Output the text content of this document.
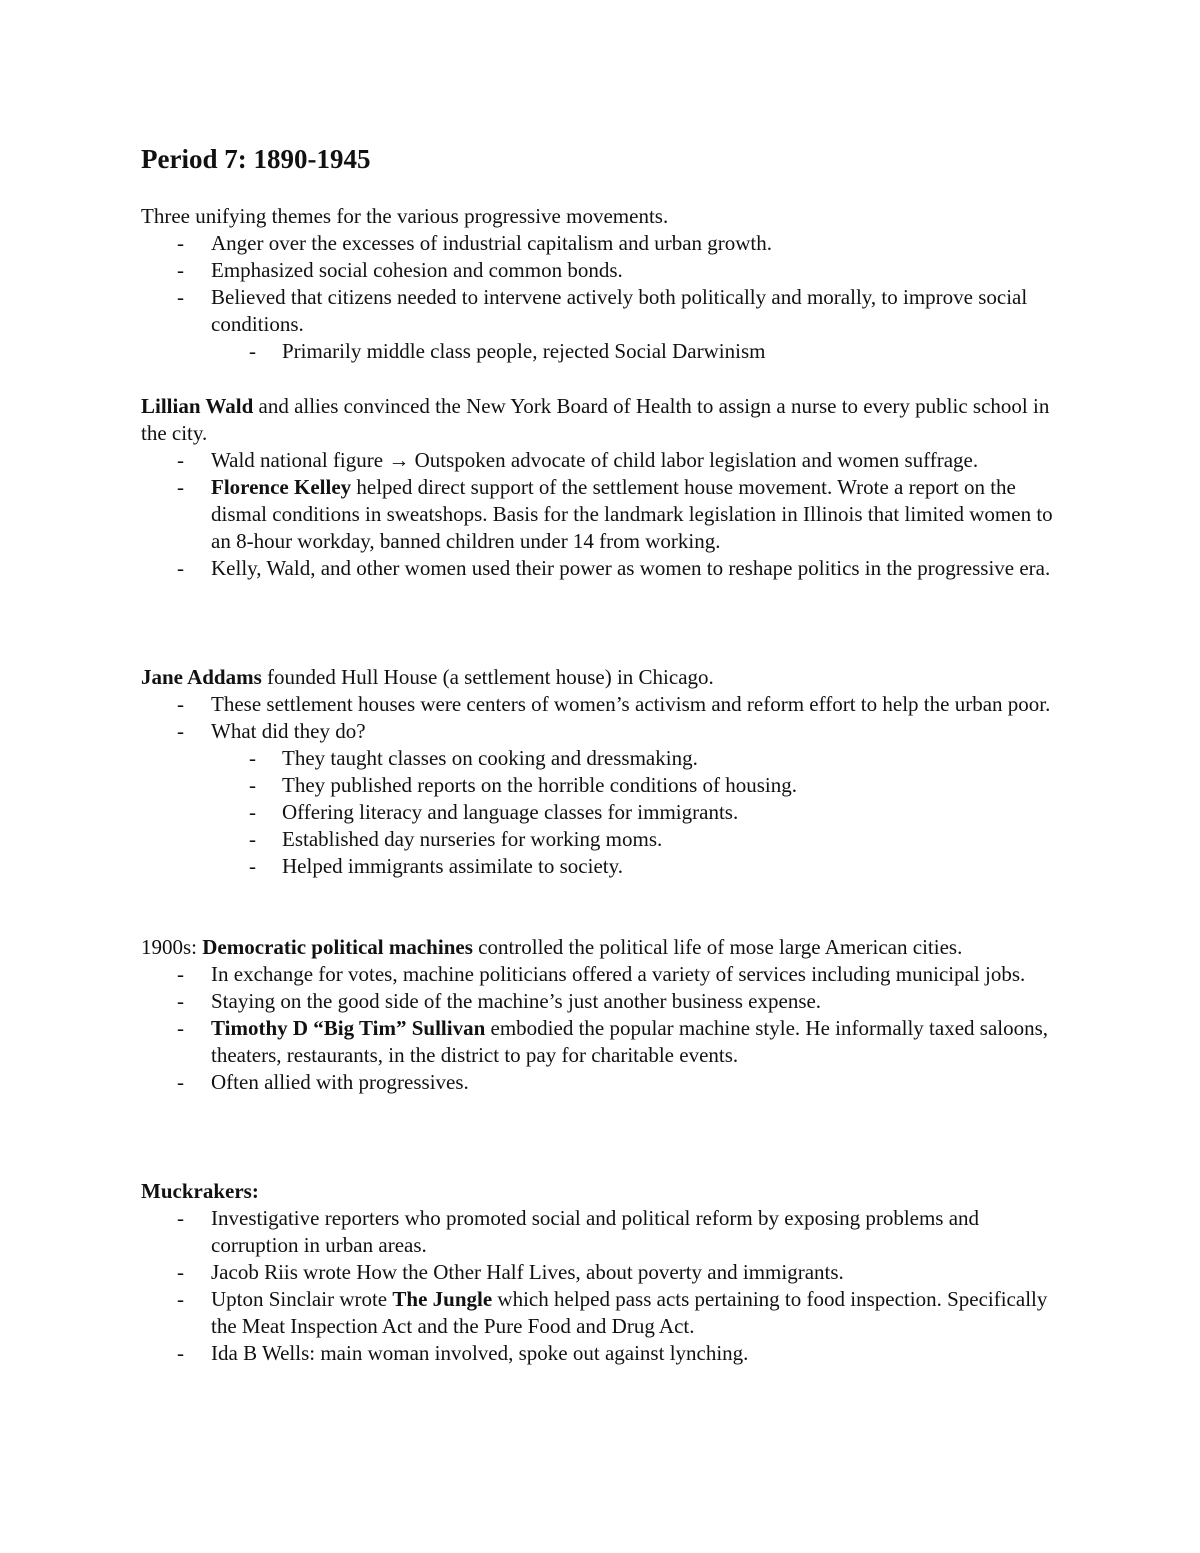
Period 7: 1890-1945

Three unifying themes for the various progressive movements.

- Anger over the excesses of industrial capitalism and urban growth.
- Emphasized social cohesion and common bonds.
- Believed that citizens needed to intervene actively both politically and morally, to improve social conditions.
- Primarily middle class people, rejected Social Darwinism

Lillian Wald and allies convinced the New York Board of Health to assign a nurse to every public school in the city.

- Wald national figure → Outspoken advocate of child labor legislation and women suffrage.
- Florence Kelley helped direct support of the settlement house movement. Wrote a report on the dismal conditions in sweatshops. Basis for the landmark legislation in Illinois that limited women to an 8-hour workday, banned children under 14 from working.
- Kelly, Wald, and other women used their power as women to reshape politics in the progressive era.

Jane Addams founded Hull House (a settlement house) in Chicago.

- These settlement houses were centers of women’s activism and reform effort to help the urban poor.
- What did they do?
- They taught classes on cooking and dressmaking.
- They published reports on the horrible conditions of housing.
- Offering literacy and language classes for immigrants.
- Established day nurseries for working moms.
- Helped immigrants assimilate to society.

1900s: Democratic political machines controlled the political life of mose large American cities.

- In exchange for votes, machine politicians offered a variety of services including municipal jobs.
- Staying on the good side of the machine’s just another business expense.
- Timothy D “Big Tim” Sullivan embodied the popular machine style. He informally taxed saloons, theaters, restaurants, in the district to pay for charitable events.
- Often allied with progressives.

Muckrakers:

- Investigative reporters who promoted social and political reform by exposing problems and corruption in urban areas.
- Jacob Riis wrote How the Other Half Lives, about poverty and immigrants.
- Upton Sinclair wrote The Jungle which helped pass acts pertaining to food inspection. Specifically the Meat Inspection Act and the Pure Food and Drug Act.
- Ida B Wells: main woman involved, spoke out against lynching.
